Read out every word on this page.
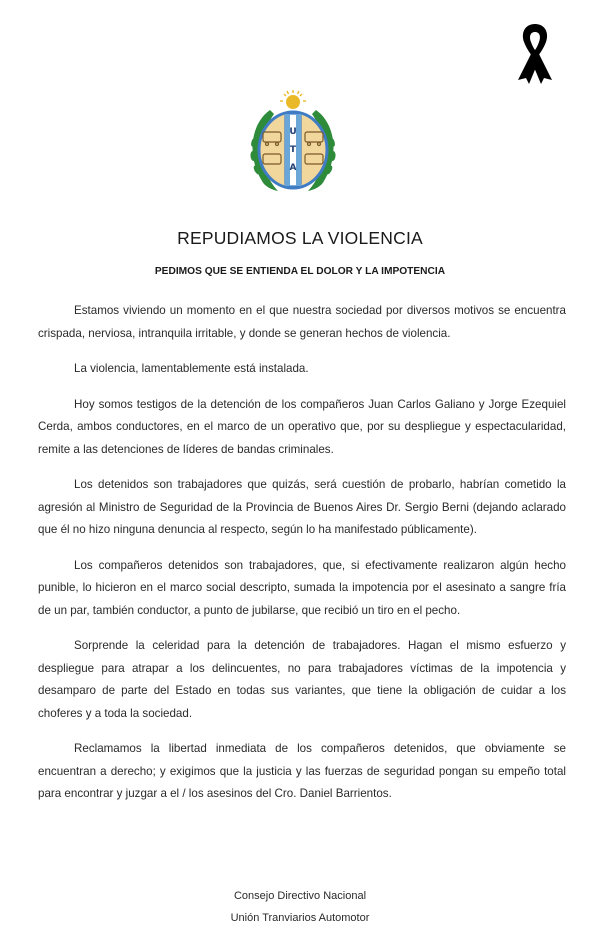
U
T
A
REPUDIAMOS LA VIOLENCIA
PEDIMOS QUE SE ENTIENDA EL DOLOR Y LA IMPOTENCIA

Estamos viviendo un momento en el que nuestra sociedad por diversos motivos se encuentra crispada, nerviosa, intranquila irritable, y donde se generan hechos de violencia.

La violencia, lamentablemente está instalada.

Hoy somos testigos de la detención de los compañeros Juan Carlos Galiano y Jorge Ezequiel Cerda, ambos conductores, en el marco de un operativo que, por su despliegue y espectacularidad, remite a las detenciones de líderes de bandas criminales.

Los detenidos son trabajadores que quizás, será cuestión de probarlo, habrían cometido la agresión al Ministro de Seguridad de la Provincia de Buenos Aires Dr. Sergio Berni (dejando aclarado que él no hizo ninguna denuncia al respecto, según lo ha manifestado públicamente).

Los compañeros detenidos son trabajadores, que, si efectivamente realizaron algún hecho punible, lo hicieron en el marco social descripto, sumada la impotencia por el asesinato a sangre fría de un par, también conductor, a punto de jubilarse, que recibió un tiro en el pecho.

Sorprende la celeridad para la detención de trabajadores. Hagan el mismo esfuerzo y despliegue para atrapar a los delincuentes, no para trabajadores víctimas de la impotencia y desamparo de parte del Estado en todas sus variantes, que tiene la obligación de cuidar a los choferes y a toda la sociedad.

Reclamamos la libertad inmediata de los compañeros detenidos, que obviamente se encuentran a derecho; y exigimos que la justicia y las fuerzas de seguridad pongan su empeño total para encontrar y juzgar a el / los asesinos del Cro. Daniel Barrientos.

Consejo Directivo Nacional
Unión Tranviarios Automotor
